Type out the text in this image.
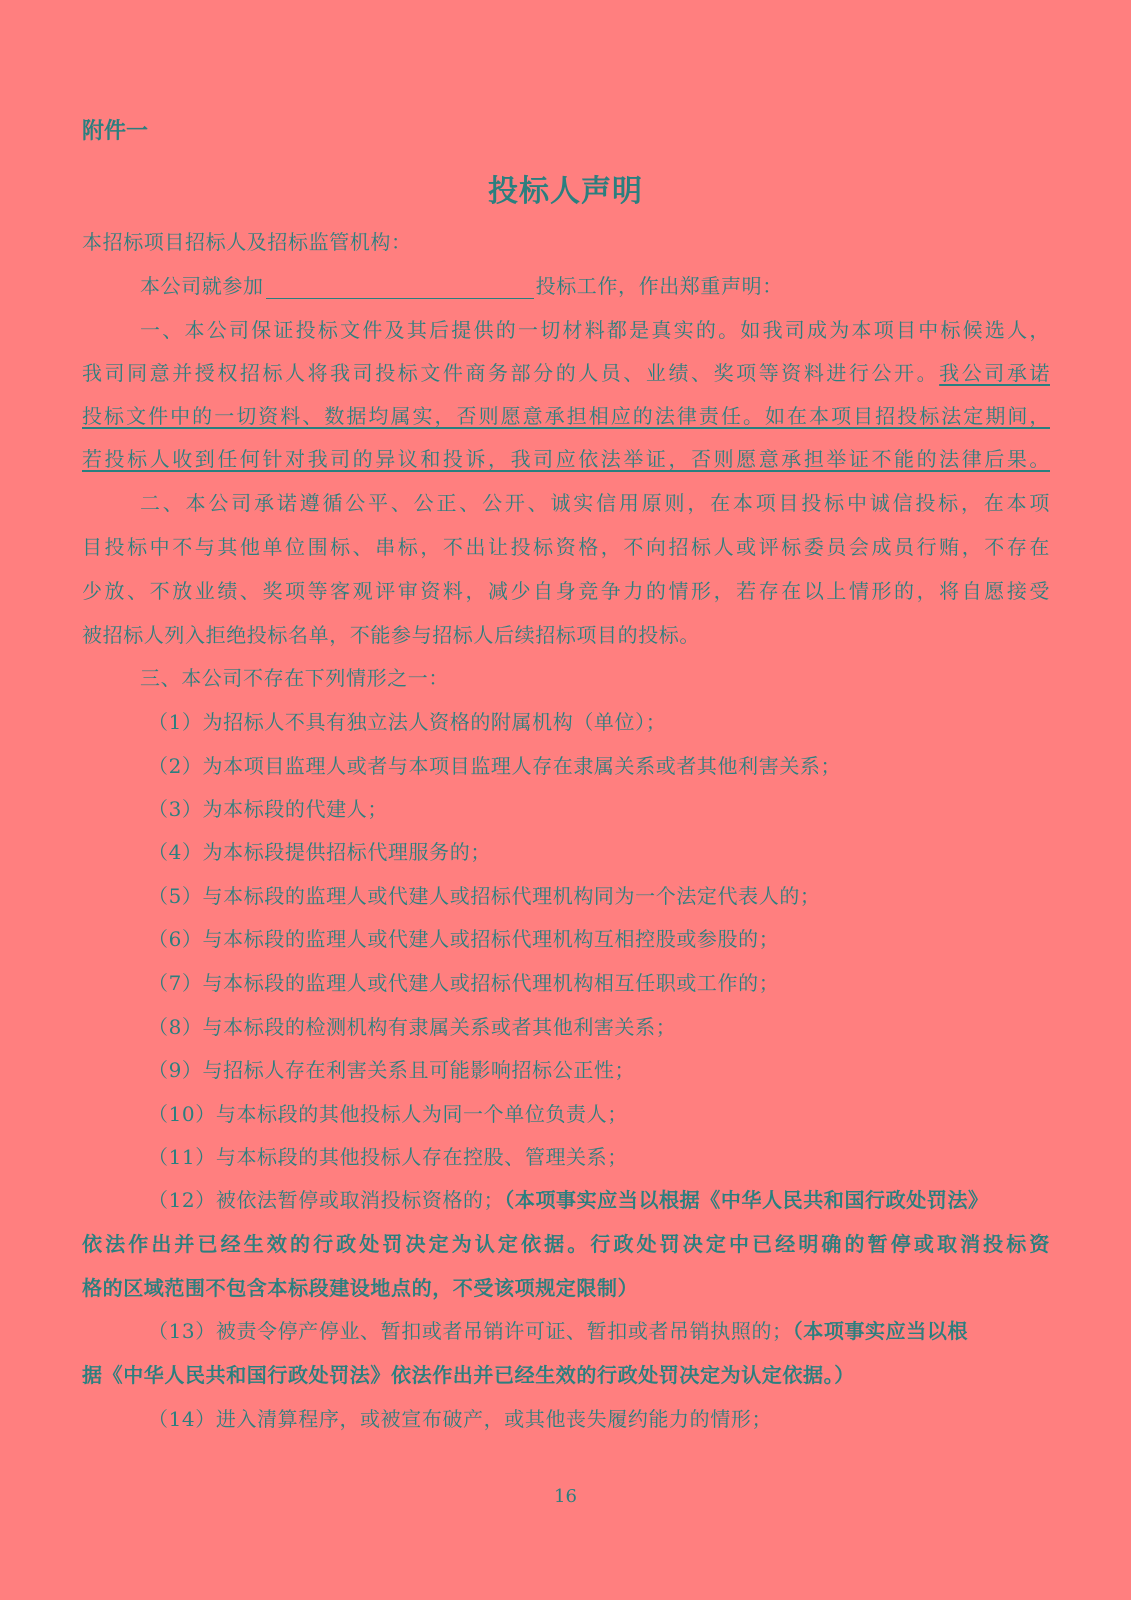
附件一
投标人声明
本招标项目招标人及招标监管机构：
本公司就参加	投标工作，作出郑重声明：
一、本公司保证投标文件及其后提供的一切材料都是真实的。如我司成为本项目中标候选人，
我司同意并授权招标人将我司投标文件商务部分的人员、业绩、奖项等资料进行公开。我公司承诺
投标文件中的一切资料、数据均属实，否则愿意承担相应的法律责任。如在本项目招投标法定期间，
若投标人收到任何针对我司的异议和投诉，我司应依法举证，否则愿意承担举证不能的法律后果。
二、本公司承诺遵循公平、公正、公开、诚实信用原则，在本项目投标中诚信投标，在本项
目投标中不与其他单位围标、串标，不出让投标资格，不向招标人或评标委员会成员行贿，不存在
少放、不放业绩、奖项等客观评审资料，减少自身竞争力的情形，若存在以上情形的，将自愿接受
被招标人列入拒绝投标名单，不能参与招标人后续招标项目的投标。
三、本公司不存在下列情形之一：
（1）为招标人不具有独立法人资格的附属机构（单位）；
（2）为本项目监理人或者与本项目监理人存在隶属关系或者其他利害关系；
（3）为本标段的代建人；
（4）为本标段提供招标代理服务的；
（5）与本标段的监理人或代建人或招标代理机构同为一个法定代表人的；
（6）与本标段的监理人或代建人或招标代理机构互相控股或参股的；
（7）与本标段的监理人或代建人或招标代理机构相互任职或工作的；
（8）与本标段的检测机构有隶属关系或者其他利害关系；
（9）与招标人存在利害关系且可能影响招标公正性；
（10）与本标段的其他投标人为同一个单位负责人；
（11）与本标段的其他投标人存在控股、管理关系；
（12）被依法暂停或取消投标资格的；（本项事实应当以根据《中华人民共和国行政处罚法》
依法作出并已经生效的行政处罚决定为认定依据。行政处罚决定中已经明确的暂停或取消投标资
格的区域范围不包含本标段建设地点的，不受该项规定限制）
（13）被责令停产停业、暂扣或者吊销许可证、暂扣或者吊销执照的；（本项事实应当以根
据《中华人民共和国行政处罚法》依法作出并已经生效的行政处罚决定为认定依据。）
（14）进入清算程序，或被宣布破产，或其他丧失履约能力的情形；
16
